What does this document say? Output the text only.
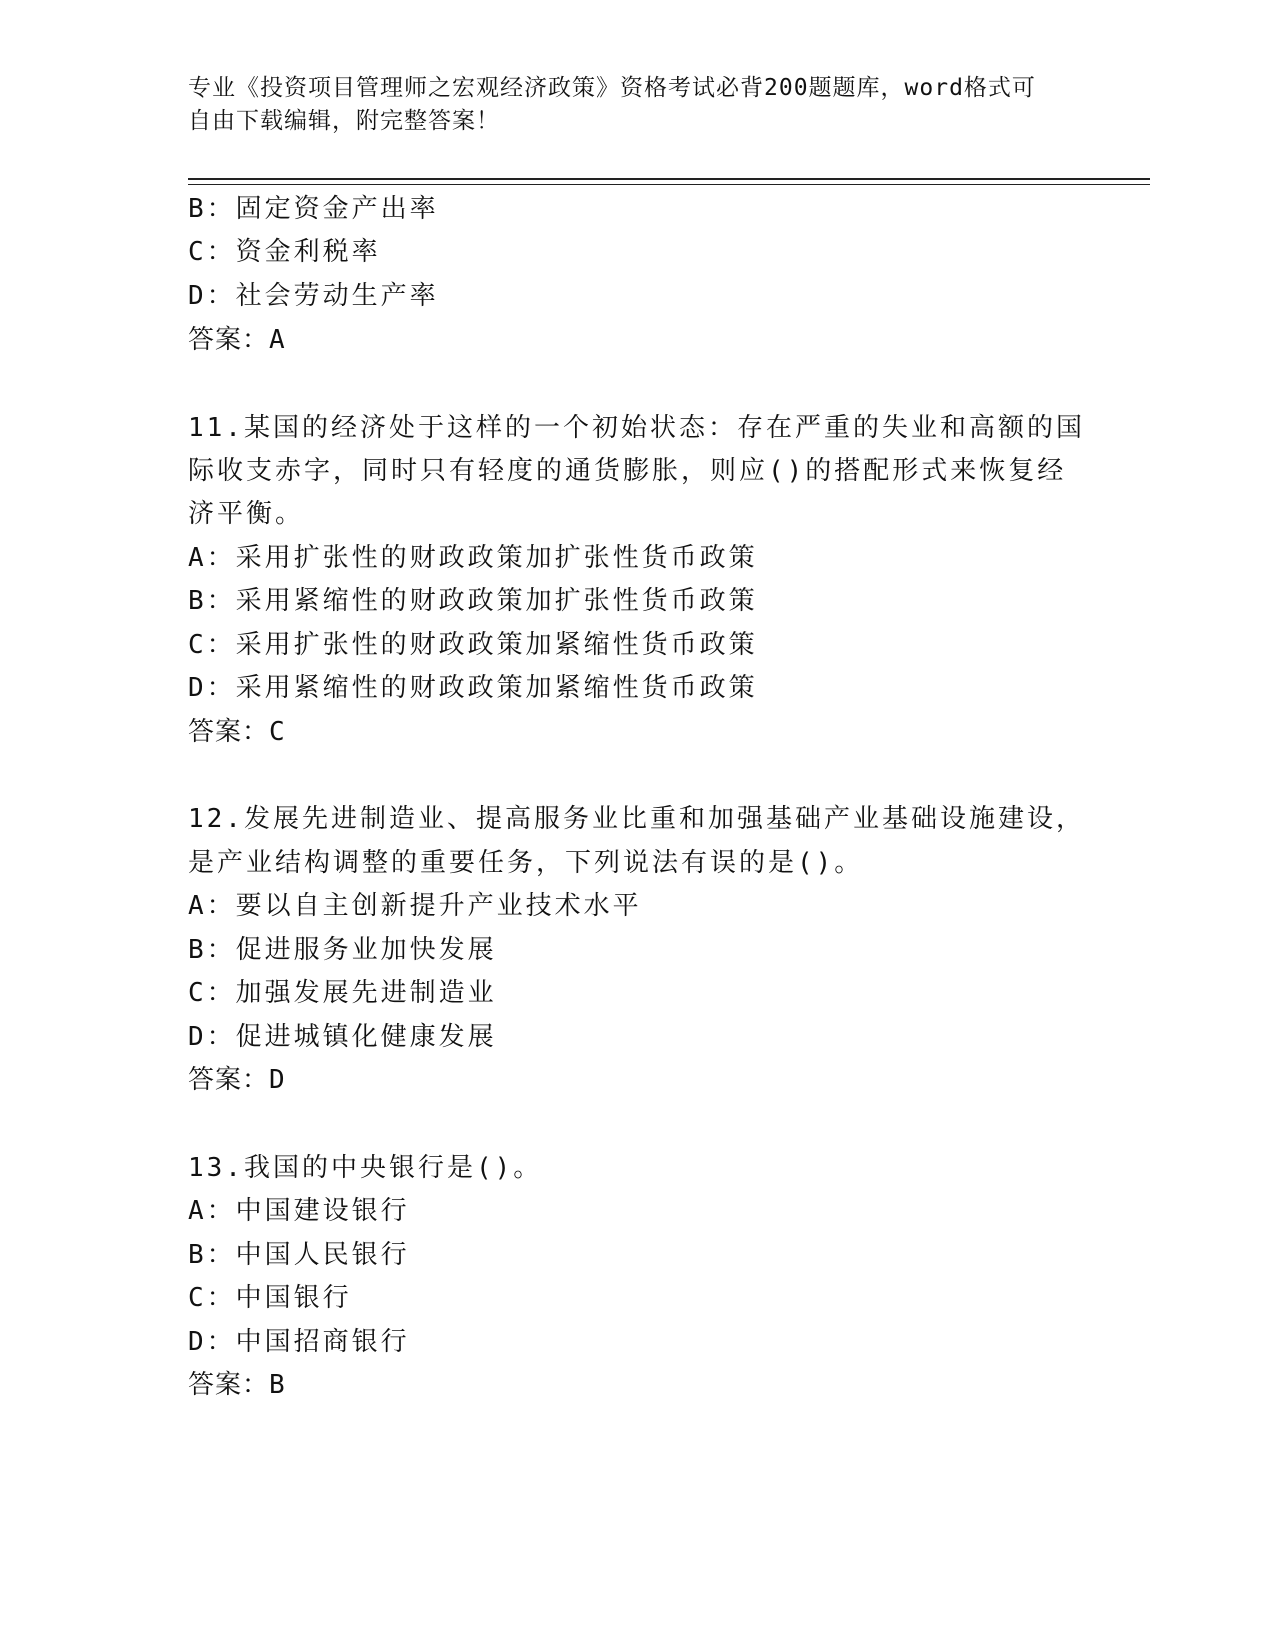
专业《投资项目管理师之宏观经济政策》资格考试必背200题题库，word格式可
自由下载编辑，附完整答案！
B：固定资金产出率
C：资金利税率
D：社会劳动生产率
答案：A
11.某国的经济处于这样的一个初始状态：存在严重的失业和高额的国
际收支赤字，同时只有轻度的通货膨胀，则应()的搭配形式来恢复经
济平衡。
A：采用扩张性的财政政策加扩张性货币政策
B：采用紧缩性的财政政策加扩张性货币政策
C：采用扩张性的财政政策加紧缩性货币政策
D：采用紧缩性的财政政策加紧缩性货币政策
答案：C
12.发展先进制造业、提高服务业比重和加强基础产业基础设施建设，
是产业结构调整的重要任务，下列说法有误的是()。
A：要以自主创新提升产业技术水平
B：促进服务业加快发展
C：加强发展先进制造业
D：促进城镇化健康发展
答案：D
13.我国的中央银行是()。
A：中国建设银行
B：中国人民银行
C：中国银行
D：中国招商银行
答案：B
